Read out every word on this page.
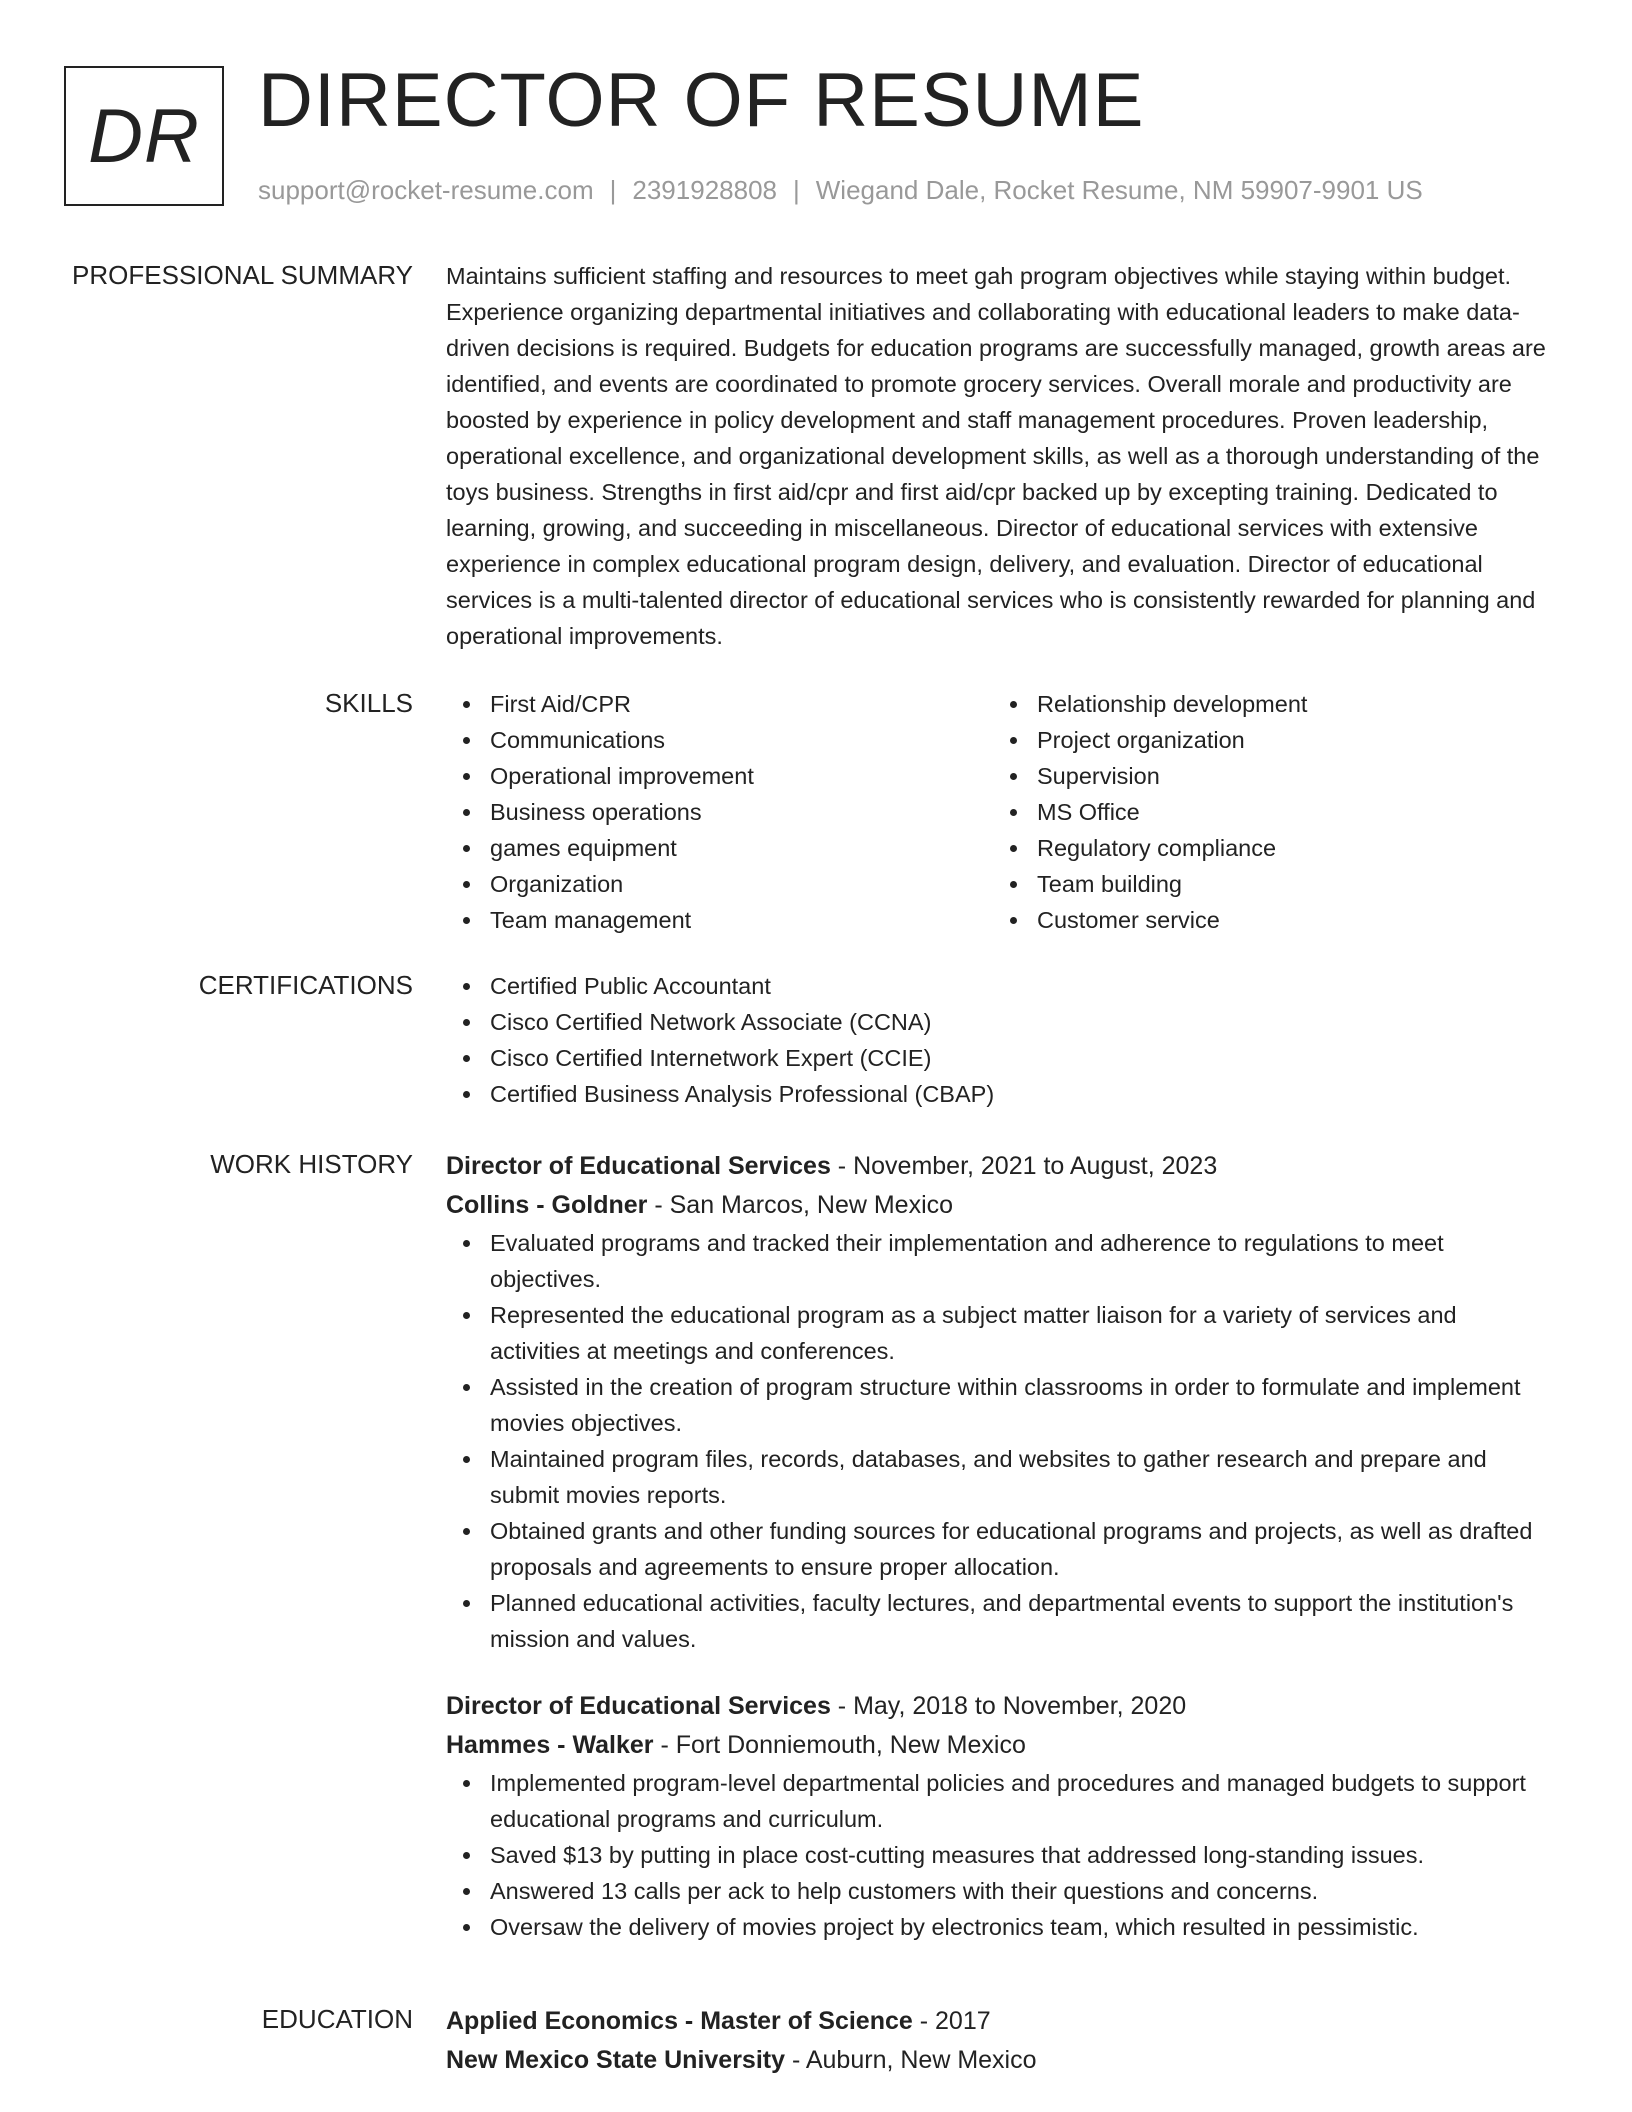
DR DIRECTOR OF RESUME
support@rocket-resume.com | 2391928808 | Wiegand Dale, Rocket Resume, NM 59907-9901 US
PROFESSIONAL SUMMARY Maintains sufficient staffing and resources to meet gah program objectives while staying within budget. Experience organizing departmental initiatives and collaborating with educational leaders to make data-driven decisions is required. Budgets for education programs are successfully managed, growth areas are identified, and events are coordinated to promote grocery services. Overall morale and productivity are boosted by experience in policy development and staff management procedures. Proven leadership, operational excellence, and organizational development skills, as well as a thorough understanding of the toys business. Strengths in first aid/cpr and first aid/cpr backed up by excepting training. Dedicated to learning, growing, and succeeding in miscellaneous. Director of educational services with extensive experience in complex educational program design, delivery, and evaluation. Director of educational services is a multi-talented director of educational services who is consistently rewarded for planning and operational improvements.

SKILLS	First Aid/CPR
Communications
Operational improvement
Business operations
games equipment
Organization
Team management
Relationship development
Project organization
Supervision
MS Office
Regulatory compliance
Team building
Customer service
CERTIFICATIONS	Certified Public Accountant
Cisco Certified Network Associate (CCNA)
Cisco Certified Internetwork Expert (CCIE)
Certified Business Analysis Professional (CBAP)
WORK HISTORY Director of Educational Services - November, 2021 to August, 2023
Collins - Goldner - San Marcos, New Mexico
Evaluated programs and tracked their implementation and adherence to regulations to meet objectives.
Represented the educational program as a subject matter liaison for a variety of services and activities at meetings and conferences.
Assisted in the creation of program structure within classrooms in order to formulate and implement movies objectives.
Maintained program files, records, databases, and websites to gather research and prepare and submit movies reports.
Obtained grants and other funding sources for educational programs and projects, as well as drafted proposals and agreements to ensure proper allocation.
Planned educational activities, faculty lectures, and departmental events to support the institution's mission and values.
Director of Educational Services - May, 2018 to November, 2020
Hammes - Walker - Fort Donniemouth, New Mexico
Implemented program-level departmental policies and procedures and managed budgets to support educational programs and curriculum.
Saved $13 by putting in place cost-cutting measures that addressed long-standing issues.
Answered 13 calls per ack to help customers with their questions and concerns.
Oversaw the delivery of movies project by electronics team, which resulted in pessimistic.
EDUCATION Applied Economics - Master of Science - 2017
New Mexico State University - Auburn, New Mexico
